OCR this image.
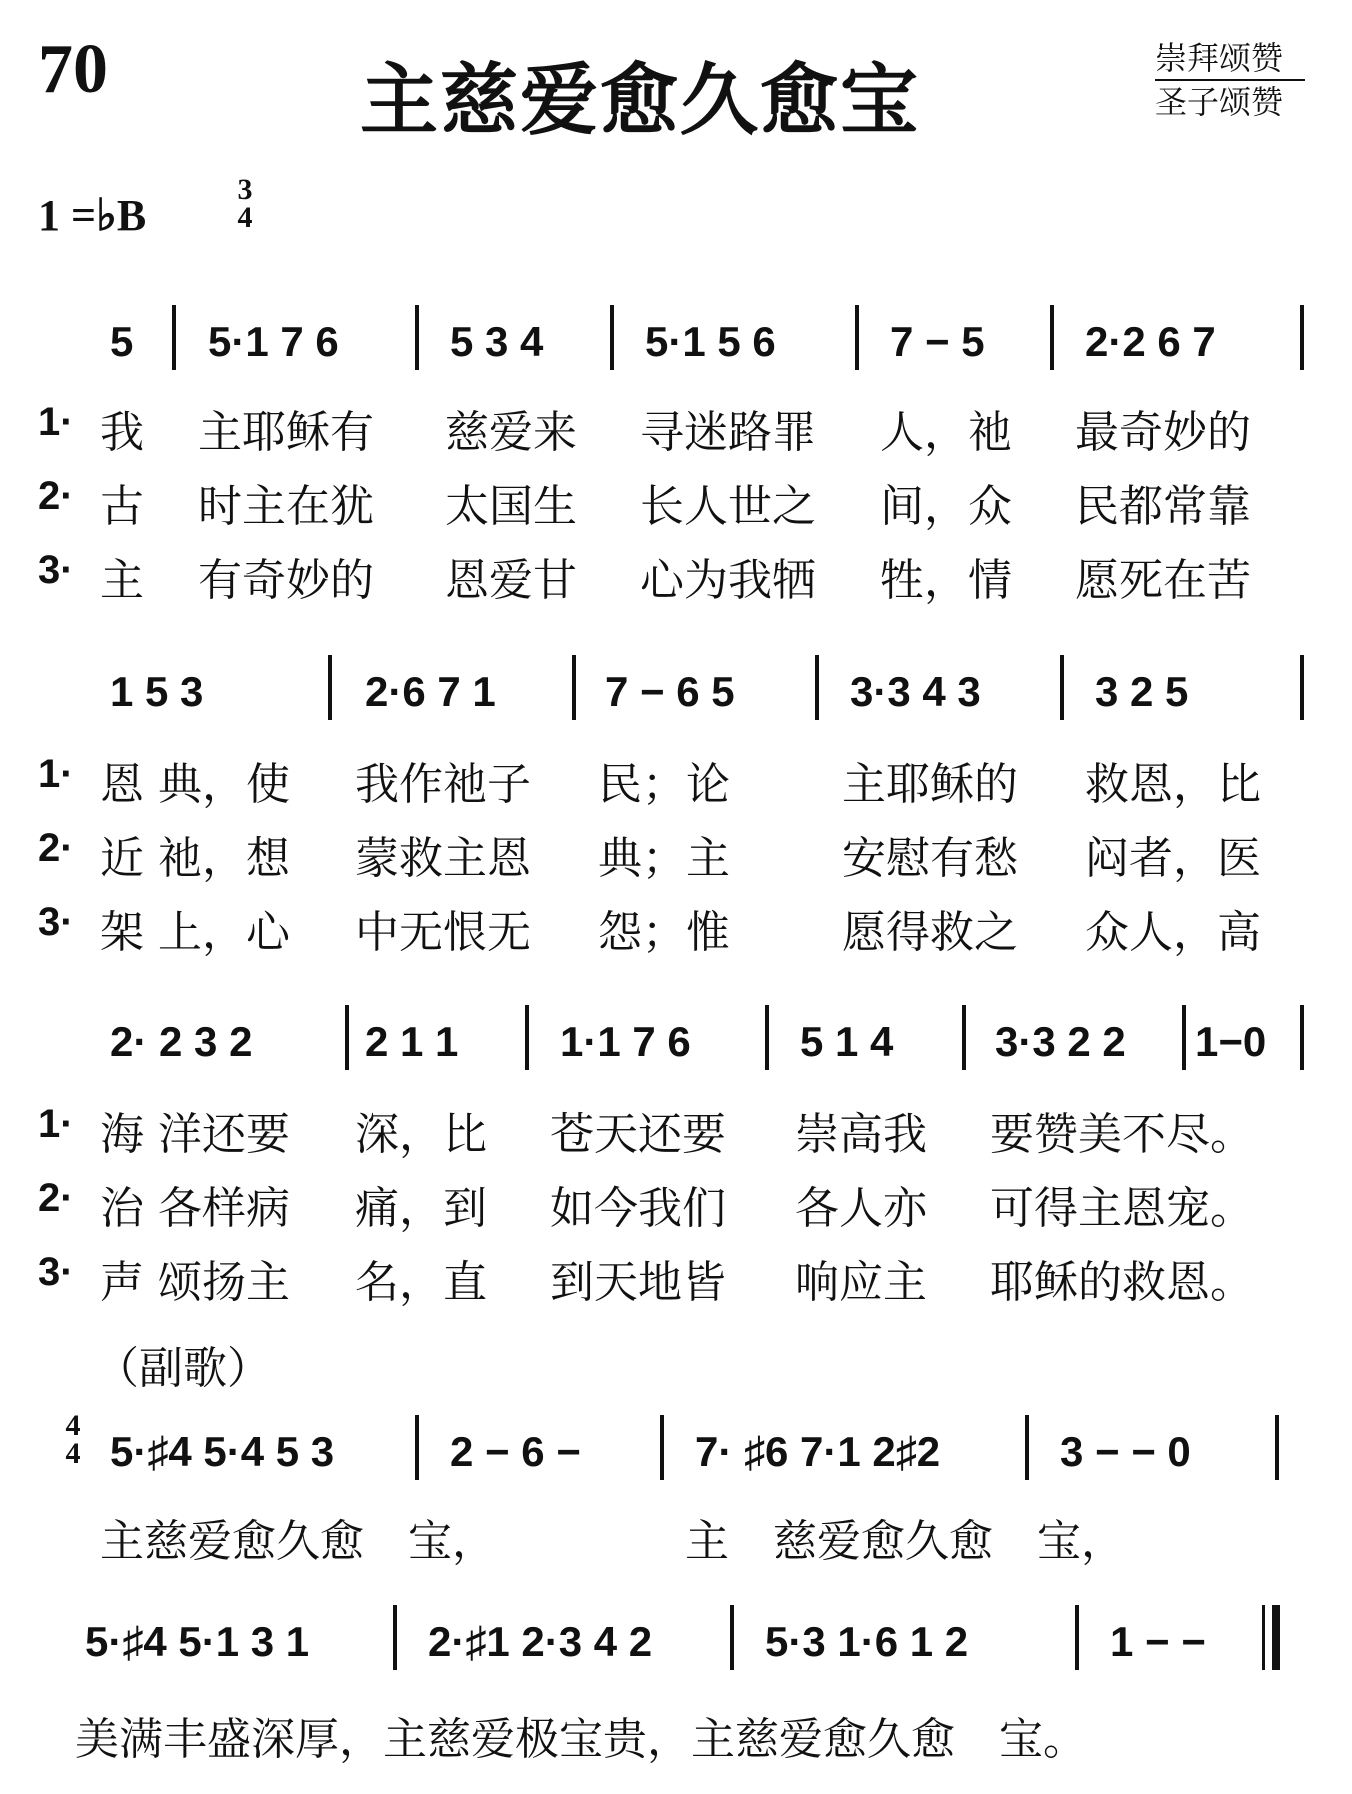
70	主慈爱愈久愈宝	崇拜颂赞
圣子颂赞
1 =♭B
3
4
5 5·1 7 6	5 3 4 5·1 5 6	7 − 5 2·2 6 7
1· 我 主耶稣有 慈爱来 寻迷路罪 人，祂 最奇妙的
2· 古 时主在犹 太国生 长人世之 间，众 民都常靠
3· 主 有奇妙的 恩爱甘 心为我牺 牲，情 愿死在苦
1 5 3	2·6 7 1	7 − 6 5	3·3 4 3	3 2 5
1· 恩 典，使 我作祂子 民；论	主耶稣的 救恩，比
2· 近 祂，想 蒙救主恩 典；主	安慰有愁 闷者，医
3· 架 上，心 中无恨无 怨；惟	愿得救之 众人，高
2· 2 3 2	2 1 1 1·1 7 6	5 1 4 3·3 2 2 1−0
1· 海 洋还要 深，比 苍天还要 崇高我 要赞美不尽。
2· 治 各样病 痛，到 如今我们 各人亦 可得主恩宠。
3· 声 颂扬主 名，直 到天地皆 响应主 耶稣的救恩。
（副歌）
4
4 5·♯4 5·4 5 3	2 − 6 −	7· ♯6 7·1 2♯2	3 − − 0
主慈爱愈久愈　宝，	主　慈爱愈久愈　宝，
5·♯4 5·1 3 1	2·♯1 2·3 4 2	5·3 1·6 1 2	1 − −
美满丰盛深厚，主慈爱极宝贵，主慈爱愈久愈　宝。
